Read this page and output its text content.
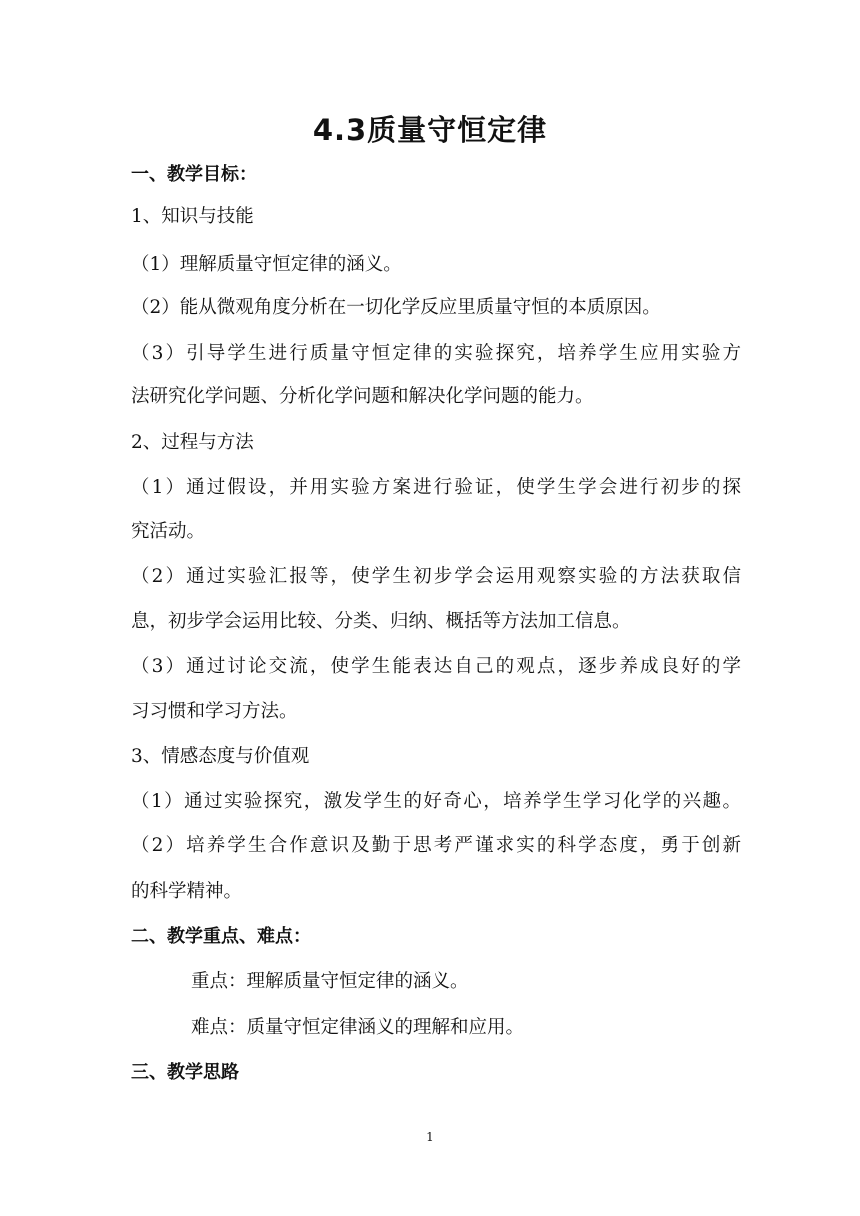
4.3质量守恒定律
一、教学目标：
1、知识与技能
（1）理解质量守恒定律的涵义。
（2）能从微观角度分析在一切化学反应里质量守恒的本质原因。
（3）引导学生进行质量守恒定律的实验探究，培养学生应用实验方
法研究化学问题、分析化学问题和解决化学问题的能力。
2、过程与方法
（1）通过假设，并用实验方案进行验证，使学生学会进行初步的探
究活动。
（2）通过实验汇报等，使学生初步学会运用观察实验的方法获取信
息，初步学会运用比较、分类、归纳、概括等方法加工信息。
（3）通过讨论交流，使学生能表达自己的观点，逐步养成良好的学
习习惯和学习方法。
3、情感态度与价值观
（1）通过实验探究，激发学生的好奇心，培养学生学习化学的兴趣。
（2）培养学生合作意识及勤于思考严谨求实的科学态度，勇于创新
的科学精神。
二、教学重点、难点：
重点：理解质量守恒定律的涵义。
难点：质量守恒定律涵义的理解和应用。
三、教学思路
1
